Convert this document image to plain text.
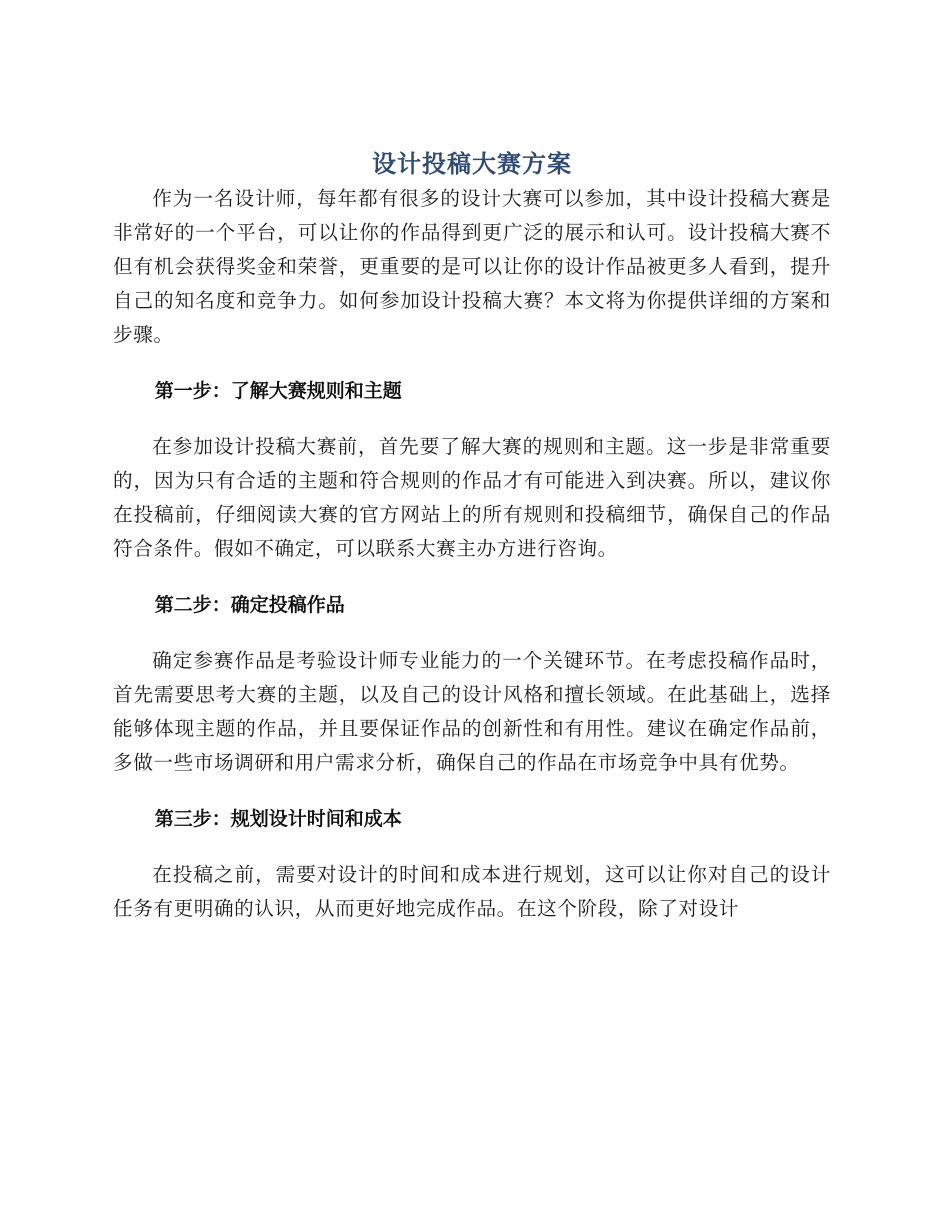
设计投稿大赛方案

作为一名设计师，每年都有很多的设计大赛可以参加，其中设计投稿大赛是非常好的一个平台，可以让你的作品得到更广泛的展示和认可。设计投稿大赛不但有机会获得奖金和荣誉，更重要的是可以让你的设计作品被更多人看到，提升自己的知名度和竞争力。如何参加设计投稿大赛？本文将为你提供详细的方案和步骤。

第一步：了解大赛规则和主题

在参加设计投稿大赛前，首先要了解大赛的规则和主题。这一步是非常重要的，因为只有合适的主题和符合规则的作品才有可能进入到决赛。所以，建议你在投稿前，仔细阅读大赛的官方网站上的所有规则和投稿细节，确保自己的作品符合条件。假如不确定，可以联系大赛主办方进行咨询。

第二步：确定投稿作品

确定参赛作品是考验设计师专业能力的一个关键环节。在考虑投稿作品时，首先需要思考大赛的主题，以及自己的设计风格和擅长领域。在此基础上，选择能够体现主题的作品，并且要保证作品的创新性和有用性。建议在确定作品前，多做一些市场调研和用户需求分析，确保自己的作品在市场竞争中具有优势。

第三步：规划设计时间和成本

在投稿之前，需要对设计的时间和成本进行规划，这可以让你对自己的设计任务有更明确的认识，从而更好地完成作品。在这个阶段，除了对设计
